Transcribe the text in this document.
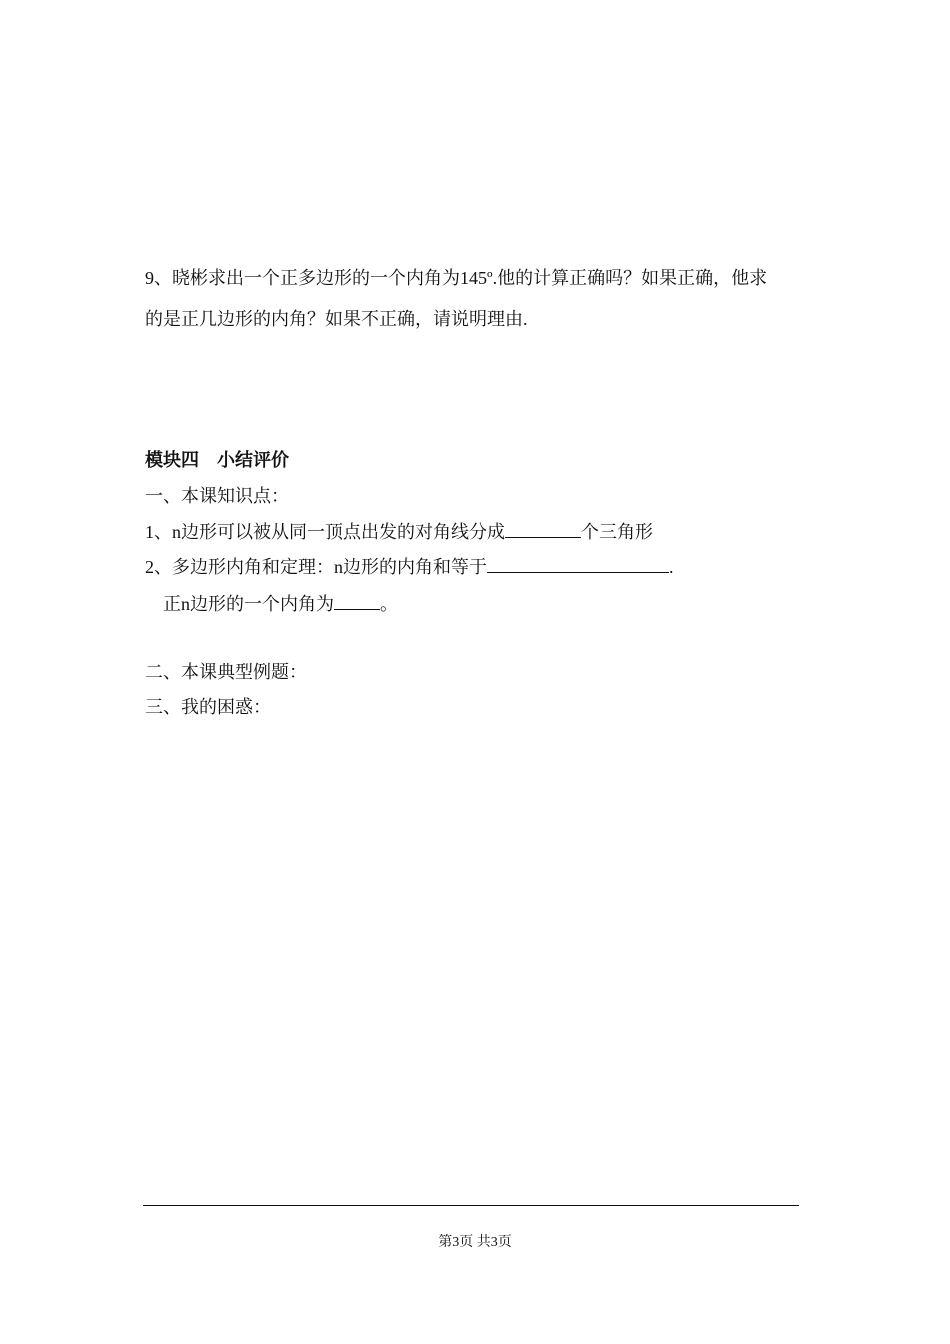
9、晓彬求出一个正多边形的一个内角为145º.他的计算正确吗？如果正确，他求
的是正几边形的内角？如果不正确，请说明理由.
模块四　小结评价
一、本课知识点：
1、n边形可以被从同一顶点出发的对角线分成	个三角形
2、多边形内角和定理：n边形的内角和等于	.
正n边形的一个内角为	。
二、本课典型例题：
三、我的困惑：
第3页 共3页
